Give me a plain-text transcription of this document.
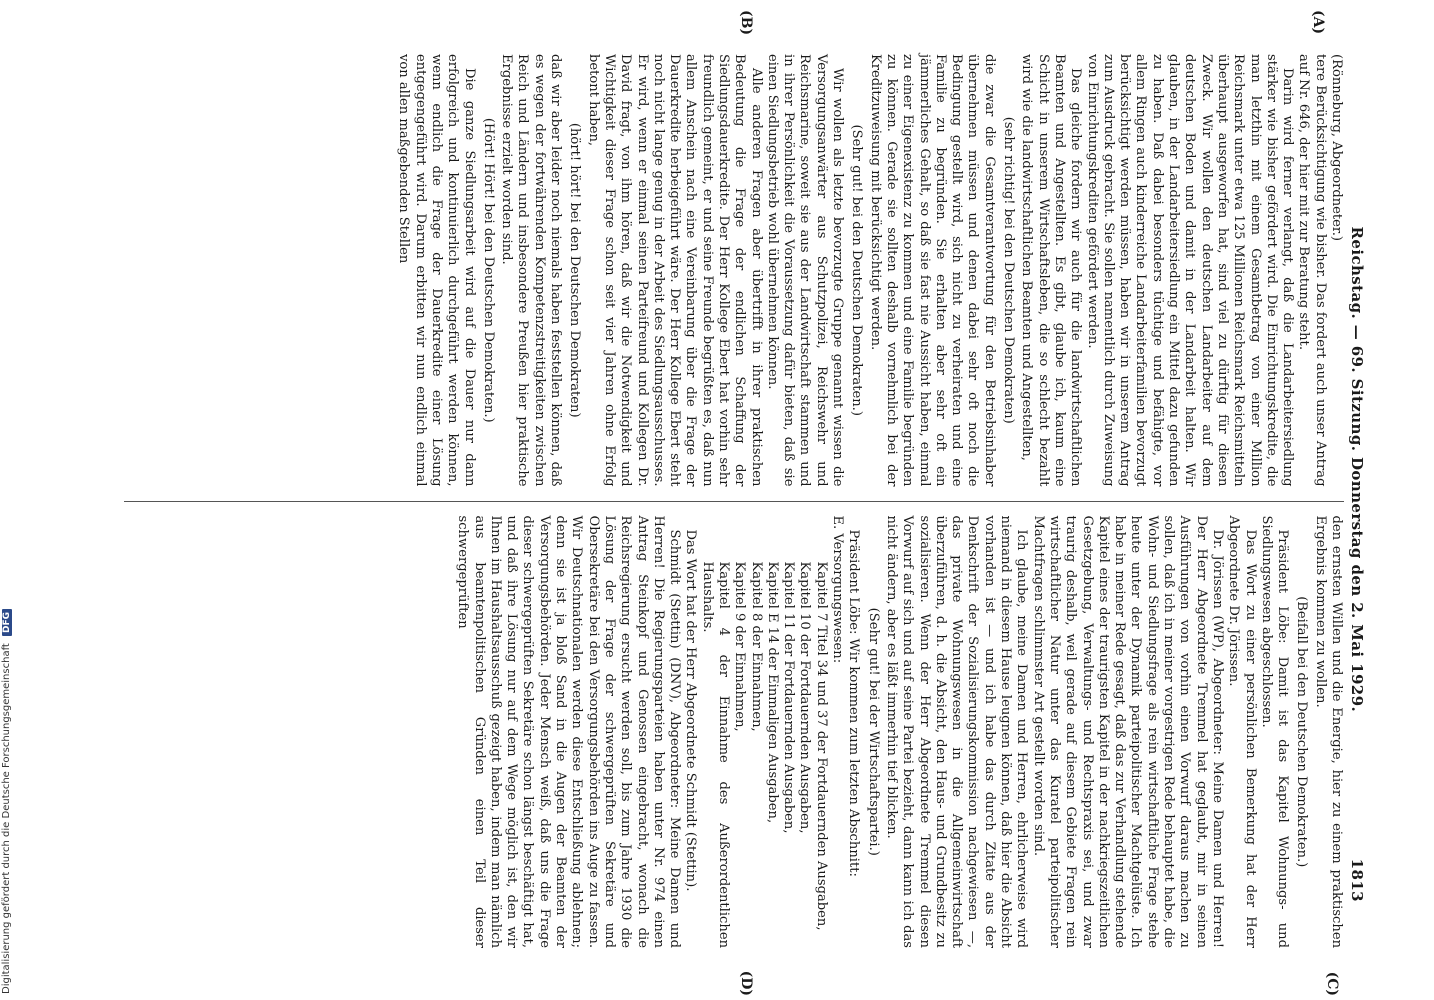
Digitalisierung gefördert durch die Deutsche Forschungsgemeinschaft DFG	Reichstag. — 69. Sitzung. Donnerstag den 2. Mai 1929.
1813
(A)
(B)
(C)
(D)

(Rönneburg, Abgeordneter.)

tere Berücksichtigung wie bisher. Das fordert auch unser Antrag auf Nr. 646, der hier mit zur Beratung steht.

Darin wird ferner verlangt, daß die Landarbeitersiedlung stärker wie bisher gefördert wird. Die Einrichtungskredite, die man letzthin mit einem Gesamtbetrag von einer Million Reichsmark unter etwa 125 Millionen Reichsmark Reichsmitteln überhaupt ausgeworfen hat, sind viel zu dürftig für diesen Zweck. Wir wollen den deutschen Landarbeiter auf dem deutschen Boden und damit in der Landarbeit halten. Wir glauben, in der Landarbeitersiedlung ein Mittel dazu gefunden zu haben. Daß dabei besonders tüchtige und befähigte, vor allem Ringen auch kinderreiche Landarbeiterfamilien bevorzugt berücksichtigt werden müssen, haben wir in unserem Antrag zum Ausdruck gebracht. Sie sollen namentlich durch Zuweisung von Einrichtungskrediten gefördert werden.

Das gleiche fordern wir auch für die landwirtschaftlichen Beamten und Angestellten. Es gibt, glaube ich, kaum eine Schicht in unserem Wirtschaftsleben, die so schlecht bezahlt wird wie die landwirtschaftlichen Beamten und Angestellten,

(sehr richtig! bei den Deutschen Demokraten)

die zwar die Gesamtverantwortung für den Betriebsinhaber übernehmen müssen und denen dabei sehr oft noch die Bedingung gestellt wird, sich nicht zu verheiraten und eine Familie zu begründen. Sie erhalten aber sehr oft ein jämmerliches Gehalt, so daß sie fast nie Aussicht haben, einmal zu einer Eigenexistenz zu kommen und eine Familie begründen zu können. Gerade sie sollten deshalb vornehmlich bei der Kreditzuweisung mit berücksichtigt werden.

(Sehr gut! bei den Deutschen Demokraten.)

Wir wollen als letzte bevorzugte Gruppe genannt wissen die Versorgungsanwärter aus Schutzpolizei, Reichswehr und Reichsmarine, soweit sie aus der Landwirtschaft stammen und in ihrer Persönlichkeit die Voraussetzung dafür bieten, daß sie einen Siedlungsbetrieb wohl übernehmen können.

Alle anderen Fragen aber übertrifft in ihrer praktischen Bedeutung die Frage der endlichen Schaffung der Siedlungsdauerkredite. Der Herr Kollege Ebert hat vorhin sehr freundlich gemeint, er und seine Freunde begrüßten es, daß nun allem Anschein nach eine Vereinbarung über die Frage der Dauerkredite herbeigeführt wäre. Der Herr Kollege Ebert steht noch nicht lange genug in der Arbeit des Siedlungsausschusses. Er wird, wenn er einmal seinen Parteifreund und Kollegen Dr. David fragt, von ihm hören, daß wir die Notwendigkeit und Wichtigkeit dieser Frage schon seit vier Jahren ohne Erfolg betont haben,

(hört! hört! bei den Deutschen Demokraten)

daß wir aber leider noch niemals haben feststellen können, daß es wegen der fortwährenden Kompetenzstreitigkeiten zwischen Reich und Ländern und insbesondere Preußen hier praktische Ergebnisse erzielt worden sind.

(Hört! Hört! bei den Deutschen Demokraten.)

Die ganze Siedlungsarbeit wird auf die Dauer nur dann erfolgreich und kontinuierlich durchgeführt werden können, wenn endlich die Frage der Dauerkredite einer Lösung entgegengeführt wird. Darum erbitten wir nun endlich einmal von allen maßgebenden Stellen

den ernsten Willen und die Energie, hier zu einem praktischen Ergebnis kommen zu wollen.

(Beifall bei den Deutschen Demokraten.)

Präsident Löbe: Damit ist das Kapitel Wohnungs- und Siedlungswesen abgeschlossen.

Das Wort zu einer persönlichen Bemerkung hat der Herr Abgeordnete Dr. Jörissen.

Dr. Jörissen (WP), Abgeordneter: Meine Damen und Herren! Der Herr Abgeordnete Tremmel hat geglaubt, mir in seinen Ausführungen von vorhin einen Vorwurf daraus machen zu sollen, daß ich in meiner vorgestrigen Rede behauptet habe, die Wohn- und Siedlungsfrage als rein wirtschaftliche Frage stehe heute unter der Dynamik parteipolitischer Machtgelüste. Ich habe in meiner Rede gesagt, daß das zur Verhandlung stehende Kapitel eines der traurigsten Kapitel in der nachkriegszeitlichen Gesetzgebung, Verwaltungs- und Rechtspraxis sei, und zwar traurig deshalb, weil gerade auf diesem Gebiete Fragen rein wirtschaftlicher Natur unter das Kuratel parteipolitischer Machtfragen schlimmster Art gestellt worden sind.

Ich glaube, meine Damen und Herren, ehrlicherweise wird niemand in diesem Hause leugnen können, daß hier die Absicht vorhanden ist — und ich habe das durch Zitate aus der Denkschrift der Sozialisierungskommission nachgewiesen —, das private Wohnungswesen in die Allgemeinwirtschaft überzuführen, d. h. die Absicht, den Haus- und Grundbesitz zu sozialisieren. Wenn der Herr Abgeordnete Tremmel diesen Vorwurf auf sich und auf seine Partei bezieht, dann kann ich das nicht ändern, aber es läßt immerhin tief blicken.

(Sehr gut! bei der Wirtschaftspartei.)

Präsident Löbe: Wir kommen zum letzten Abschnitt:

E. Versorgungswesen:

Kapitel 7 Titel 34 und 37 der Fortdauernden Ausgaben,

Kapitel 10 der Fortdauernden Ausgaben,

Kapitel 11 der Fortdauernden Ausgaben,

Kapitel E 14 der Einmaligen Ausgaben,

Kapitel 8 der Einnahmen,

Kapitel 9 der Einnahmen,

Kapitel 4 der Einnahme des Außerordentlichen Haushalts.

Das Wort hat der Herr Abgeordnete Schmidt (Stettin).

Schmidt (Stettin) (DNV), Abgeordneter: Meine Damen und Herren! Die Regierungsparteien haben unter Nr. 974 einen Antrag Steinkopf und Genossen eingebracht, wonach die Reichsregierung ersucht werden soll, bis zum Jahre 1930 die Lösung der Frage der schwergeprüften Sekretäre und Obersekretäre bei den Versorgungsbehörden ins Auge zu fassen. Wir Deutschnationalen werden diese Entschließung ablehnen; denn sie ist ja bloß Sand in die Augen der Beamten der Versorgungsbehörden. Jeder Mensch weiß, daß uns die Frage dieser schwergeprüften Sekretäre schon längst beschäftigt hat, und daß ihre Lösung nur auf dem Wege möglich ist, den wir Ihnen im Haushaltsausschuß gezeigt haben, indem man nämlich aus beamtenpolitischen Gründen einen Teil dieser schwergeprüften
